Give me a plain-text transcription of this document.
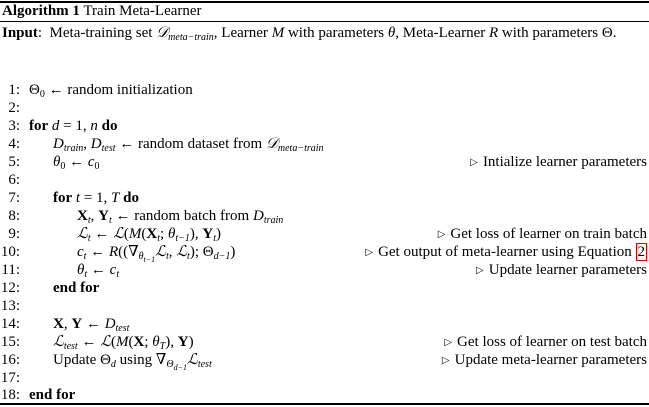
Algorithm 1 Train Meta-Learner
Input:  Meta-training set 𝒟$_{meta-train}$, Learner M with parameters θ, Meta-Learner R with parameters Θ.
1: $\Theta_0$ ← random initialization
2:
3: for d = 1, n do
4: $D_{train}$, $D_{test}$ ← random dataset from 𝒟$_{meta-train}$
5: $\theta_0$ ← $c_0$	▷ Intialize learner parameters
6:
7: for t = 1, T do
8:	$X_t$, $Y_t$ ← random batch from $D_{train}$
9:	ℒ$_t$ ← $ℒ(M(X_t$; $\theta_{t-1}$), $Y_t$)	▷ Get loss of learner on train batch
10:	$c_t$ ← $R((\nabla_{\theta_{t-1}}ℒ_t$, ℒ$_t$); $\Theta_{d-1}$)	▷ Get output of meta-learner using Equation 2
11:	$\theta_t$ ← $c_t$	▷ Update learner parameters
12: end for
13:
14: X, Y ← $D_{test}$
15: ℒ$_{test}$ ← ℒ(M(X; $\theta_T$), Y)	▷ Get loss of learner on test batch
16: Update $\Theta_d$ using $\nabla_{\Theta_{d-1}}ℒ_{test}$	▷ Update meta-learner parameters
17:
18: end for
